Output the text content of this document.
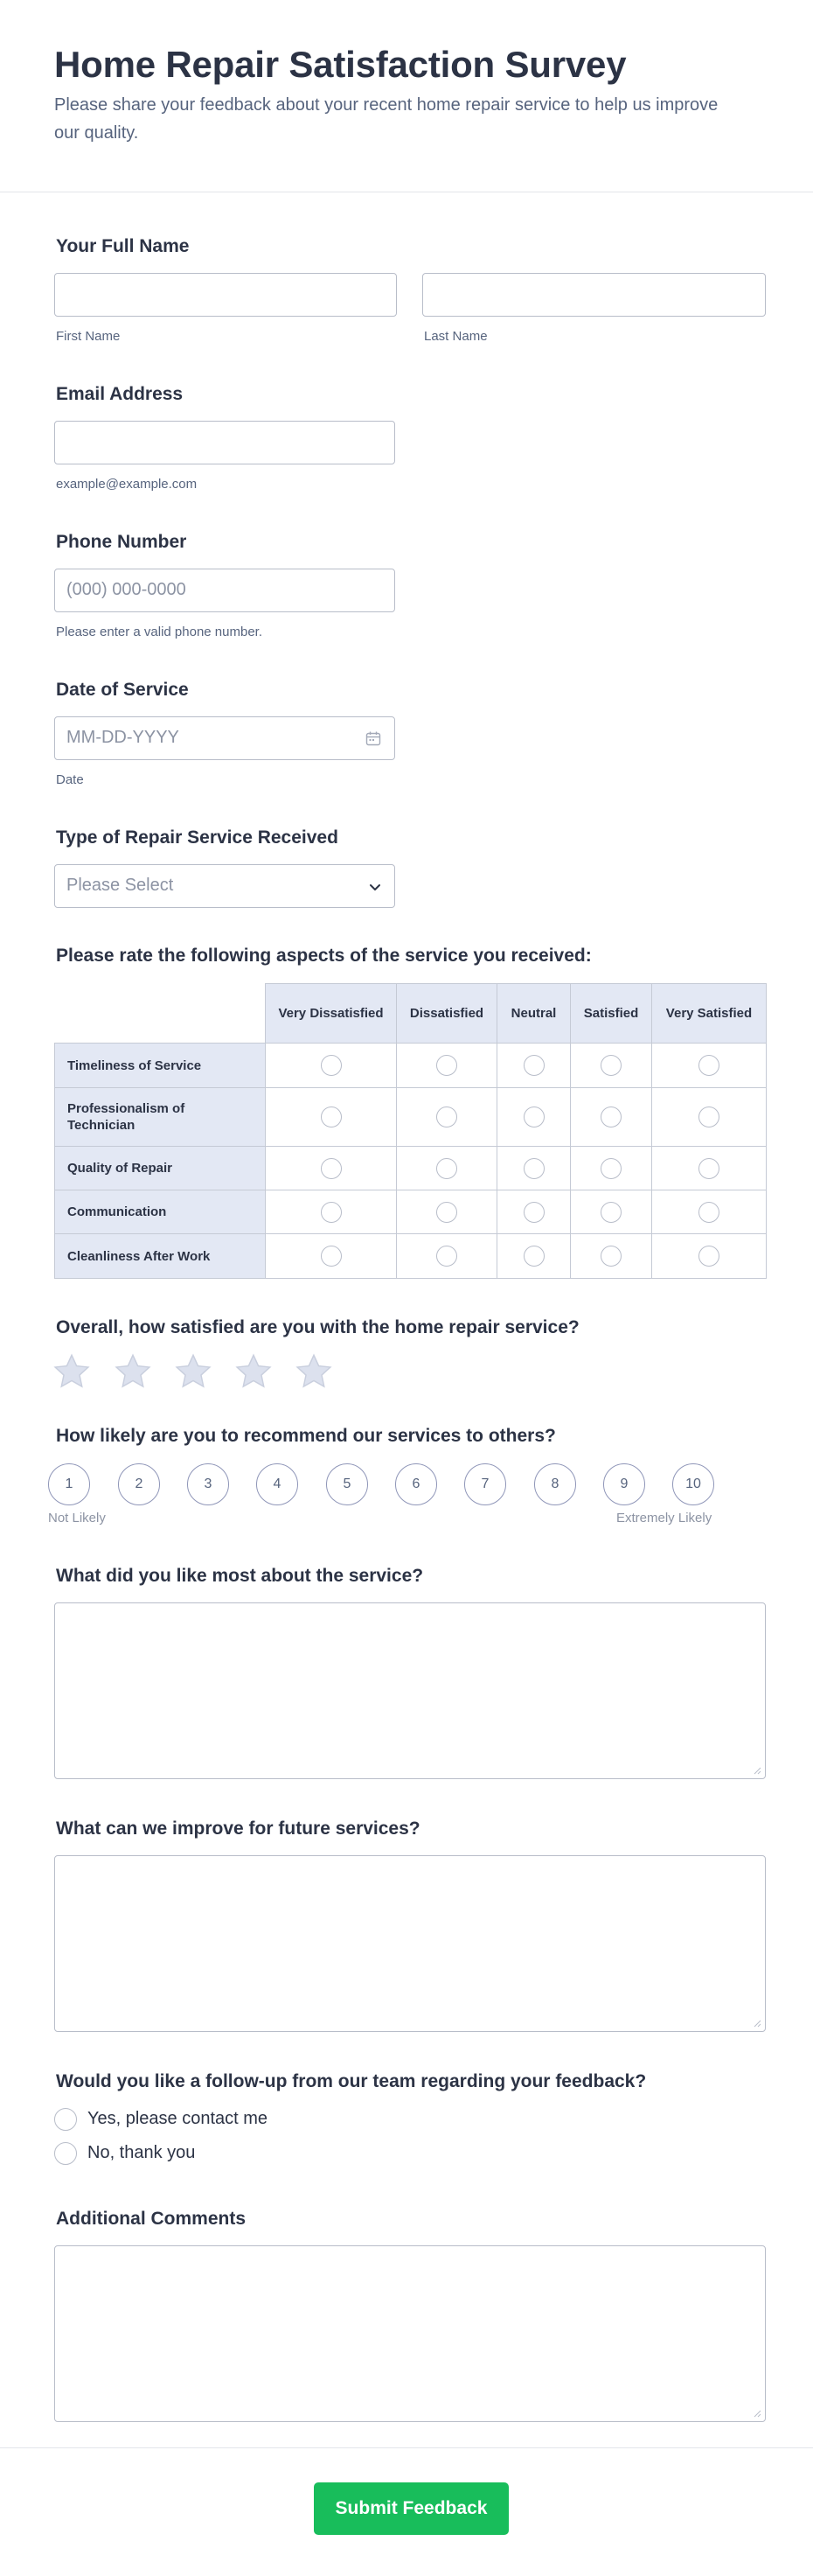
Home Repair Satisfaction Survey

Please share your feedback about your recent home repair service to help us improve our quality.

Your Full Name
First Name	Last Name
Email Address
example@example.com
Phone Number
(000) 000-0000
Please enter a valid phone number.
Date of Service
MM-DD-YYYY
Date
Type of Repair Service Received
Please Select
Please rate the following aspects of the service you received:
	Very Dissatisfied	Dissatisfied	Neutral	Satisfied	Very Satisfied
Timeliness of Service					
Professionalism of Technician					
Quality of Repair					
Communication					
Cleanliness After Work					
Overall, how satisfied are you with the home repair service?
How likely are you to recommend our services to others?
1	2	3	4	5	6	7	8	9	10
Not Likely	Extremely Likely
What did you like most about the service?
What can we improve for future services?
Would you like a follow-up from our team regarding your feedback?
Yes, please contact me
No, thank you
Additional Comments
Submit Feedback
